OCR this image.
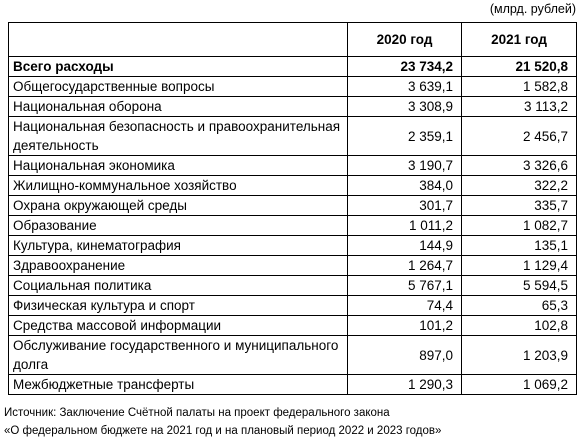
(млрд. рублей)
	2020 год	2021 год
Всего расходы	23 734,2	21 520,8
Общегосударственные вопросы	3 639,1	1 582,8
Национальная оборона	3 308,9	3 113,2
Национальная безопасность и правоохранительная деятельность	2 359,1	2 456,7
Национальная экономика	3 190,7	3 326,6
Жилищно-коммунальное хозяйство	384,0	322,2
Охрана окружающей среды	301,7	335,7
Образование	1 011,2	1 082,7
Культура, кинематография	144,9	135,1
Здравоохранение	1 264,7	1 129,4
Социальная политика	5 767,1	5 594,5
Физическая культура и спорт	74,4	65,3
Средства массовой информации	101,2	102,8
Обслуживание государственного и муниципального долга	897,0	1 203,9
Межбюджетные трансферты	1 290,3	1 069,2
Источник: Заключение Счётной палаты на проект федерального закона
«О федеральном бюджете на 2021 год и на плановый период 2022 и 2023 годов»
